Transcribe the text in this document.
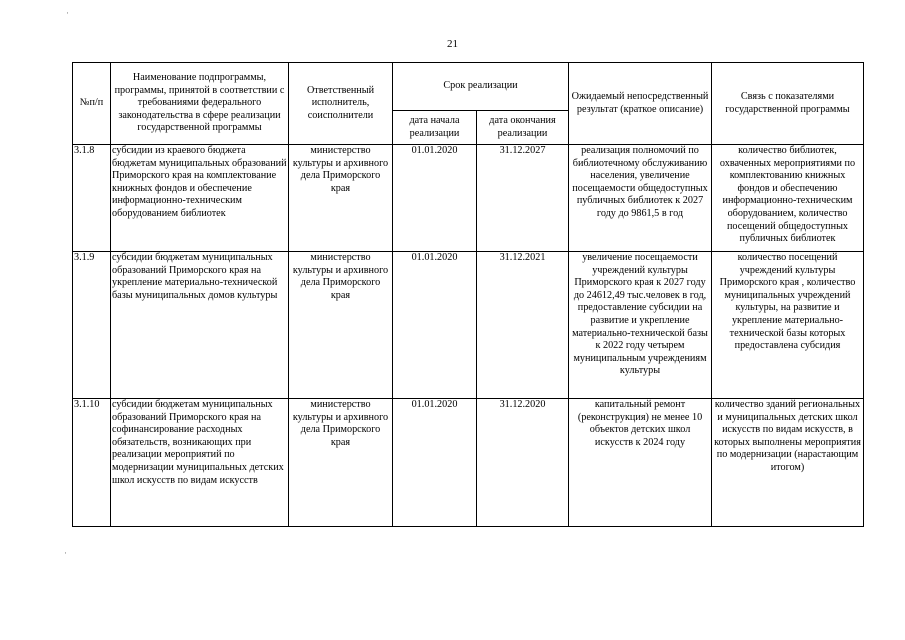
21
№п/п	Наименование подпрограммы, программы, принятой в соответствии с требованиями федерального законодательства в сфере реализации государственной программы	Ответственный исполнитель, соисполнители	Срок реализации		Ожидаемый непосредственный результат (краткое описание)	Связь с показателями государственной программы
			дата начала реализации	дата окончания реализации		
3.1.8	субсидии из краевого бюджета бюджетам муниципальных образований Приморского края на комплектование книжных фондов и обеспечение информационно-техническим оборудованием библиотек	министерство культуры и архивного дела Приморского края	01.01.2020	31.12.2027	реализация полномочий по библиотечному обслуживанию населения, увеличение посещаемости общедоступных публичных библиотек к 2027 году до 9861,5 в год	количество библиотек, охваченных мероприятиями по комплектованию книжных фондов и обеспечению информационно-техническим оборудованием, количество посещений общедоступных публичных библиотек
3.1.9	субсидии бюджетам муниципальных образований Приморского края на укрепление материально-технической базы муниципальных домов культуры	министерство культуры и архивного дела Приморского края	01.01.2020	31.12.2021	увеличение посещаемости учреждений культуры Приморского края к 2027 году до 24612,49 тыс.человек в год, предоставление субсидии на развитие и укрепление материально-технической базы к 2022 году четырем муниципальным учреждениям культуры	количество посещений учреждений культуры Приморского края , количество муниципальных учреждений культуры, на развитие и укрепление материально-технической базы которых предоставлена субсидия
3.1.10	субсидии бюджетам муниципальных образований Приморского края на софинансирование расходных обязательств, возникающих при реализации мероприятий по модернизации муниципальных детских школ искусств по видам искусств	министерство культуры и архивного дела Приморского края	01.01.2020	31.12.2020	капитальный ремонт (реконструкция) не менее 10 объектов детских школ искусств к 2024 году	количество зданий региональных и муниципальных детских школ искусств по видам искусств, в которых выполнены мероприятия по модернизации (нарастающим итогом)
·
·
